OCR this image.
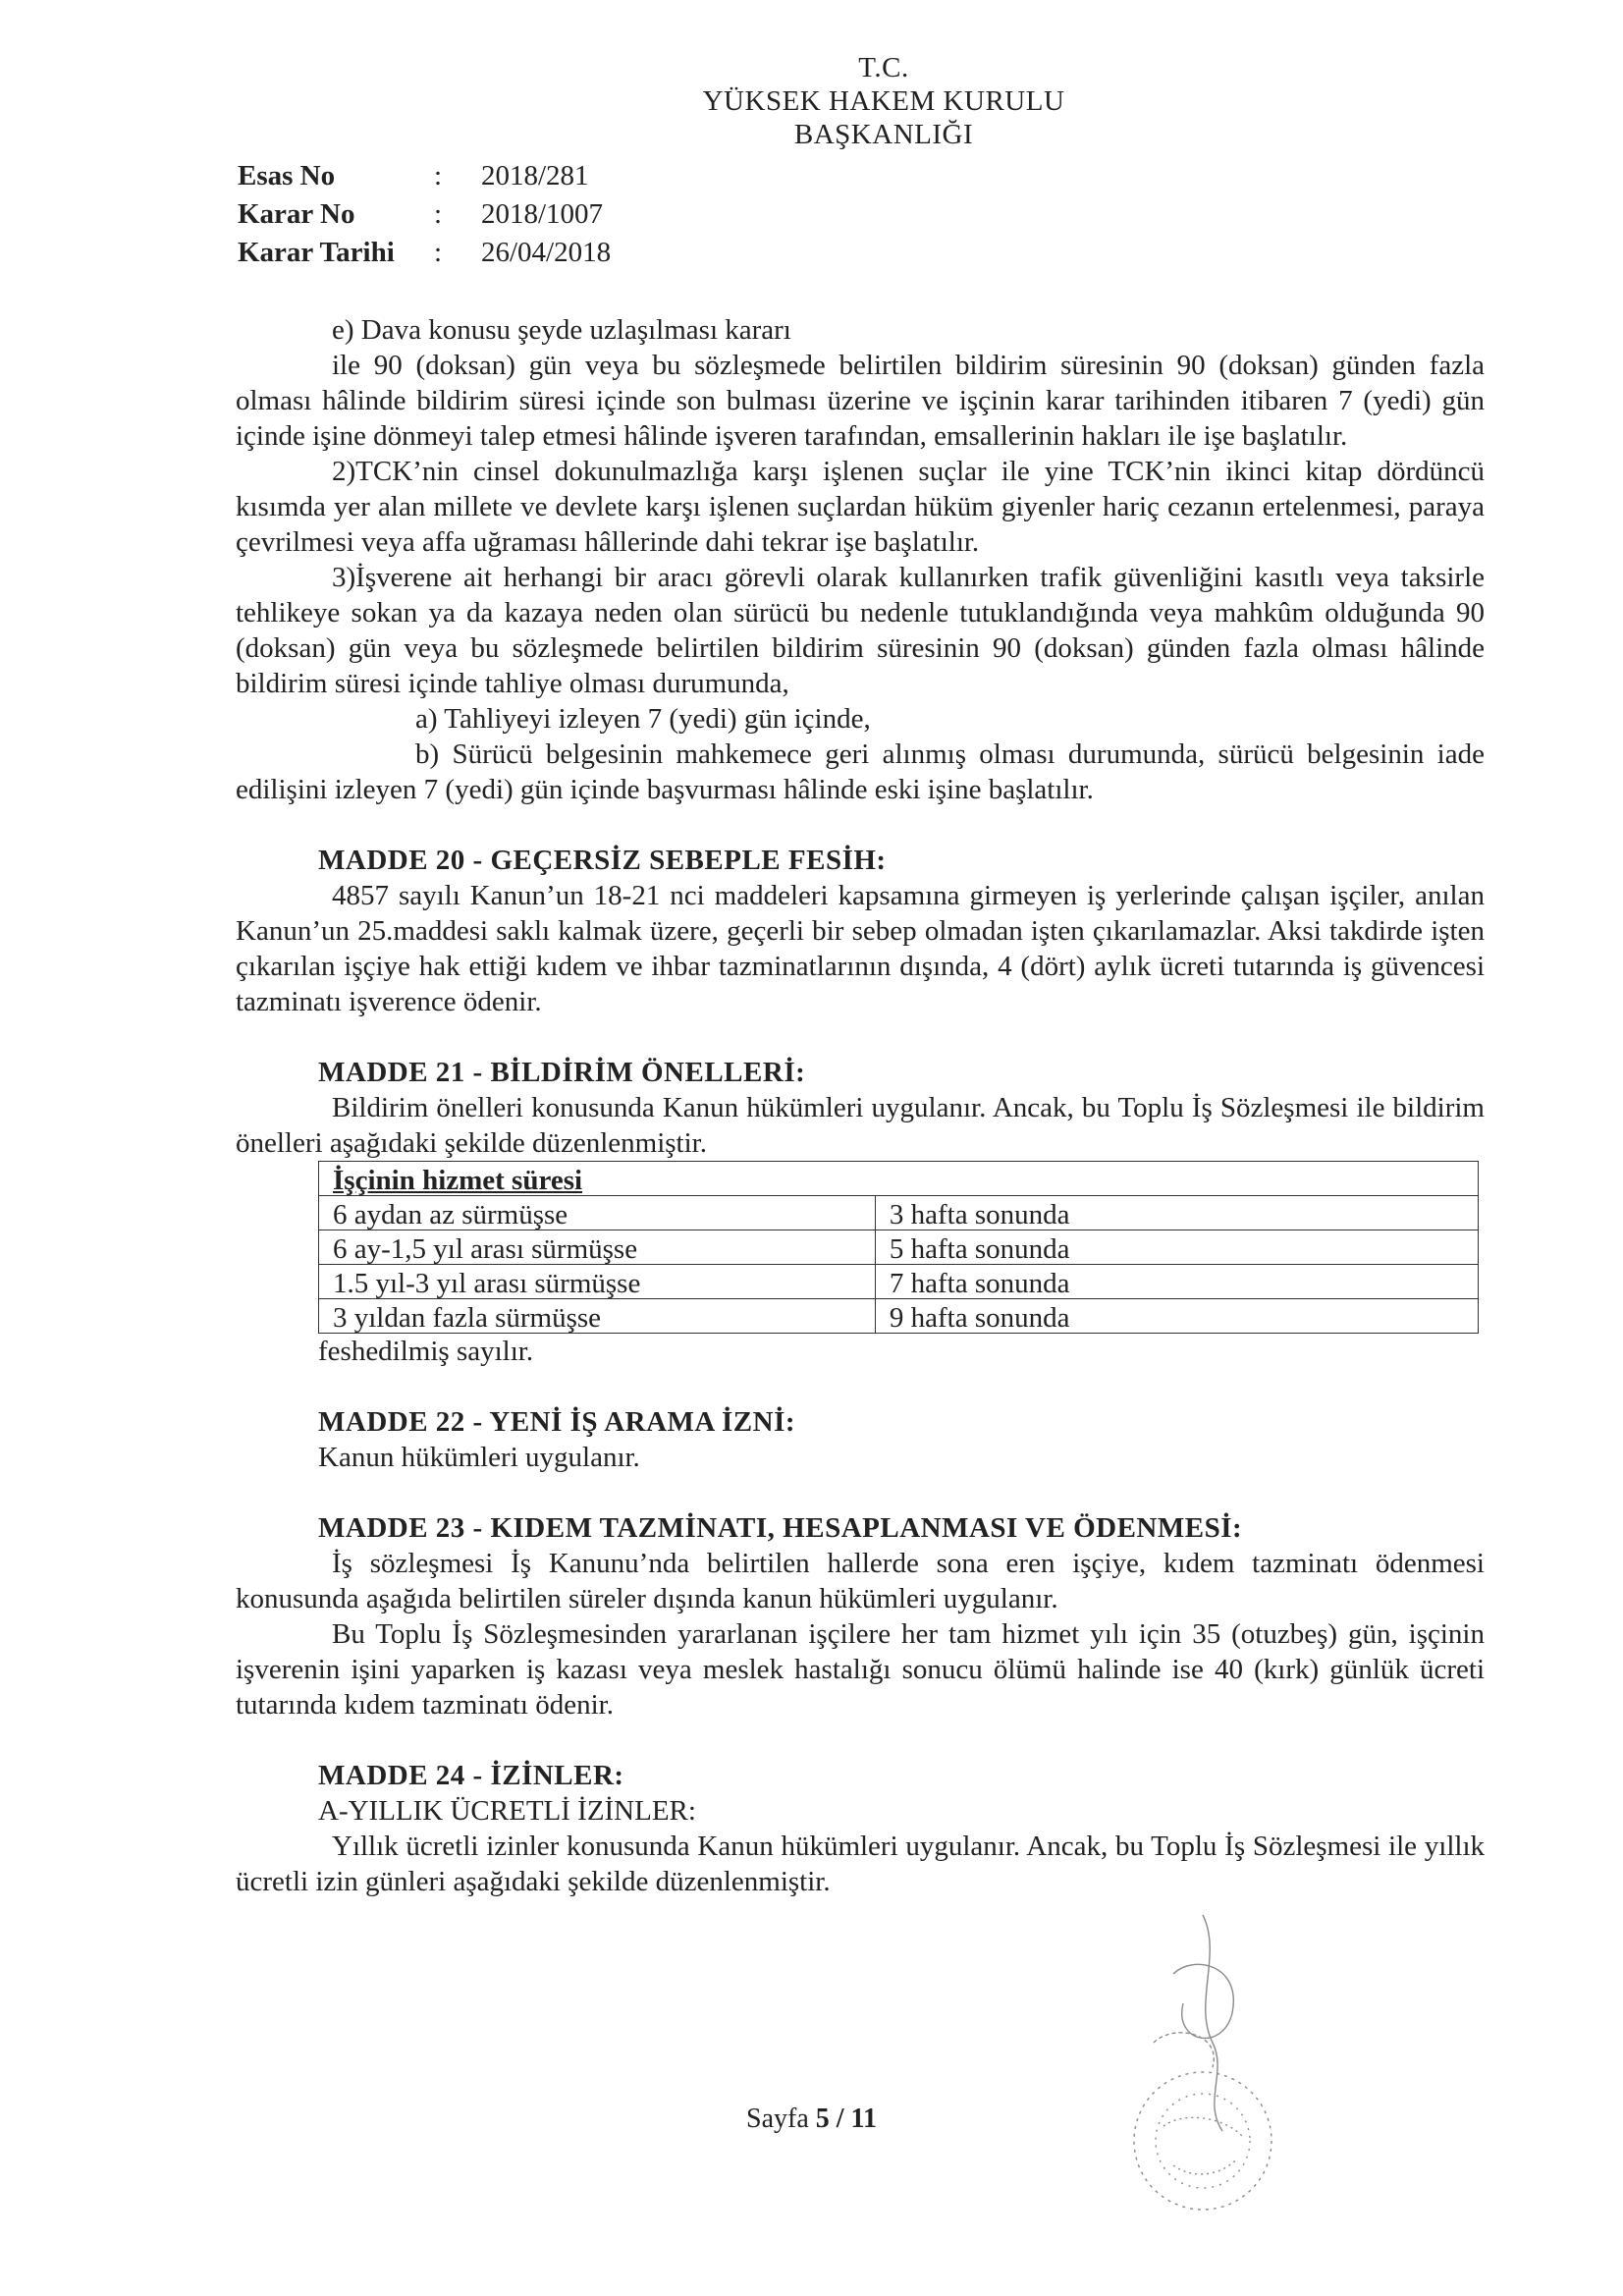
T.C.
YÜKSEK HAKEM KURULU
BAŞKANLIĞI
Esas No	:	2018/281
Karar No	:	2018/1007
Karar Tarihi	:	26/04/2018

e) Dava konusu şeyde uzlaşılması kararı

ile 90 (doksan) gün veya bu sözleşmede belirtilen bildirim süresinin 90 (doksan) günden fazla olması hâlinde bildirim süresi içinde son bulması üzerine ve işçinin karar tarihinden itibaren 7 (yedi) gün içinde işine dönmeyi talep etmesi hâlinde işveren tarafından, emsallerinin hakları ile işe başlatılır.

2)TCK’nin cinsel dokunulmazlığa karşı işlenen suçlar ile yine TCK’nin ikinci kitap dördüncü kısımda yer alan millete ve devlete karşı işlenen suçlardan hüküm giyenler hariç cezanın ertelenmesi, paraya çevrilmesi veya affa uğraması hâllerinde dahi tekrar işe başlatılır.

3)İşverene ait herhangi bir aracı görevli olarak kullanırken trafik güvenliğini kasıtlı veya taksirle tehlikeye sokan ya da kazaya neden olan sürücü bu nedenle tutuklandığında veya mahkûm olduğunda 90 (doksan) gün veya bu sözleşmede belirtilen bildirim süresinin 90 (doksan) günden fazla olması hâlinde bildirim süresi içinde tahliye olması durumunda,

a) Tahliyeyi izleyen 7 (yedi) gün içinde,

b) Sürücü belgesinin mahkemece geri alınmış olması durumunda, sürücü belgesinin iade edilişini izleyen 7 (yedi) gün içinde başvurması hâlinde eski işine başlatılır.

MADDE 20 - GEÇERSİZ SEBEPLE FESİH:

4857 sayılı Kanun’un 18-21 nci maddeleri kapsamına girmeyen iş yerlerinde çalışan işçiler, anılan Kanun’un 25.maddesi saklı kalmak üzere, geçerli bir sebep olmadan işten çıkarılamazlar. Aksi takdirde işten çıkarılan işçiye hak ettiği kıdem ve ihbar tazminatlarının dışında, 4 (dört) aylık ücreti tutarında iş güvencesi tazminatı işverence ödenir.

MADDE 21 - BİLDİRİM ÖNELLERİ:

Bildirim önelleri konusunda Kanun hükümleri uygulanır. Ancak, bu Toplu İş Sözleşmesi ile bildirim önelleri aşağıdaki şekilde düzenlenmiştir.

İşçinin hizmet süresi	
6 aydan az sürmüşse	3 hafta sonunda
6 ay-1,5 yıl arası sürmüşse	5 hafta sonunda
1.5 yıl-3 yıl arası sürmüşse	7 hafta sonunda
3 yıldan fazla sürmüşse	9 hafta sonunda

feshedilmiş sayılır.

MADDE 22 - YENİ İŞ ARAMA İZNİ:

Kanun hükümleri uygulanır.

MADDE 23 - KIDEM TAZMİNATI, HESAPLANMASI VE ÖDENMESİ:

İş sözleşmesi İş Kanunu’nda belirtilen hallerde sona eren işçiye, kıdem tazminatı ödenmesi konusunda aşağıda belirtilen süreler dışında kanun hükümleri uygulanır.

Bu Toplu İş Sözleşmesinden yararlanan işçilere her tam hizmet yılı için 35 (otuzbeş) gün, işçinin işverenin işini yaparken iş kazası veya meslek hastalığı sonucu ölümü halinde ise 40 (kırk) günlük ücreti tutarında kıdem tazminatı ödenir.

MADDE 24 - İZİNLER:

A-YILLIK ÜCRETLİ İZİNLER:

Yıllık ücretli izinler konusunda Kanun hükümleri uygulanır. Ancak, bu Toplu İş Sözleşmesi ile yıllık ücretli izin günleri aşağıdaki şekilde düzenlenmiştir.

Sayfa 5 / 11
